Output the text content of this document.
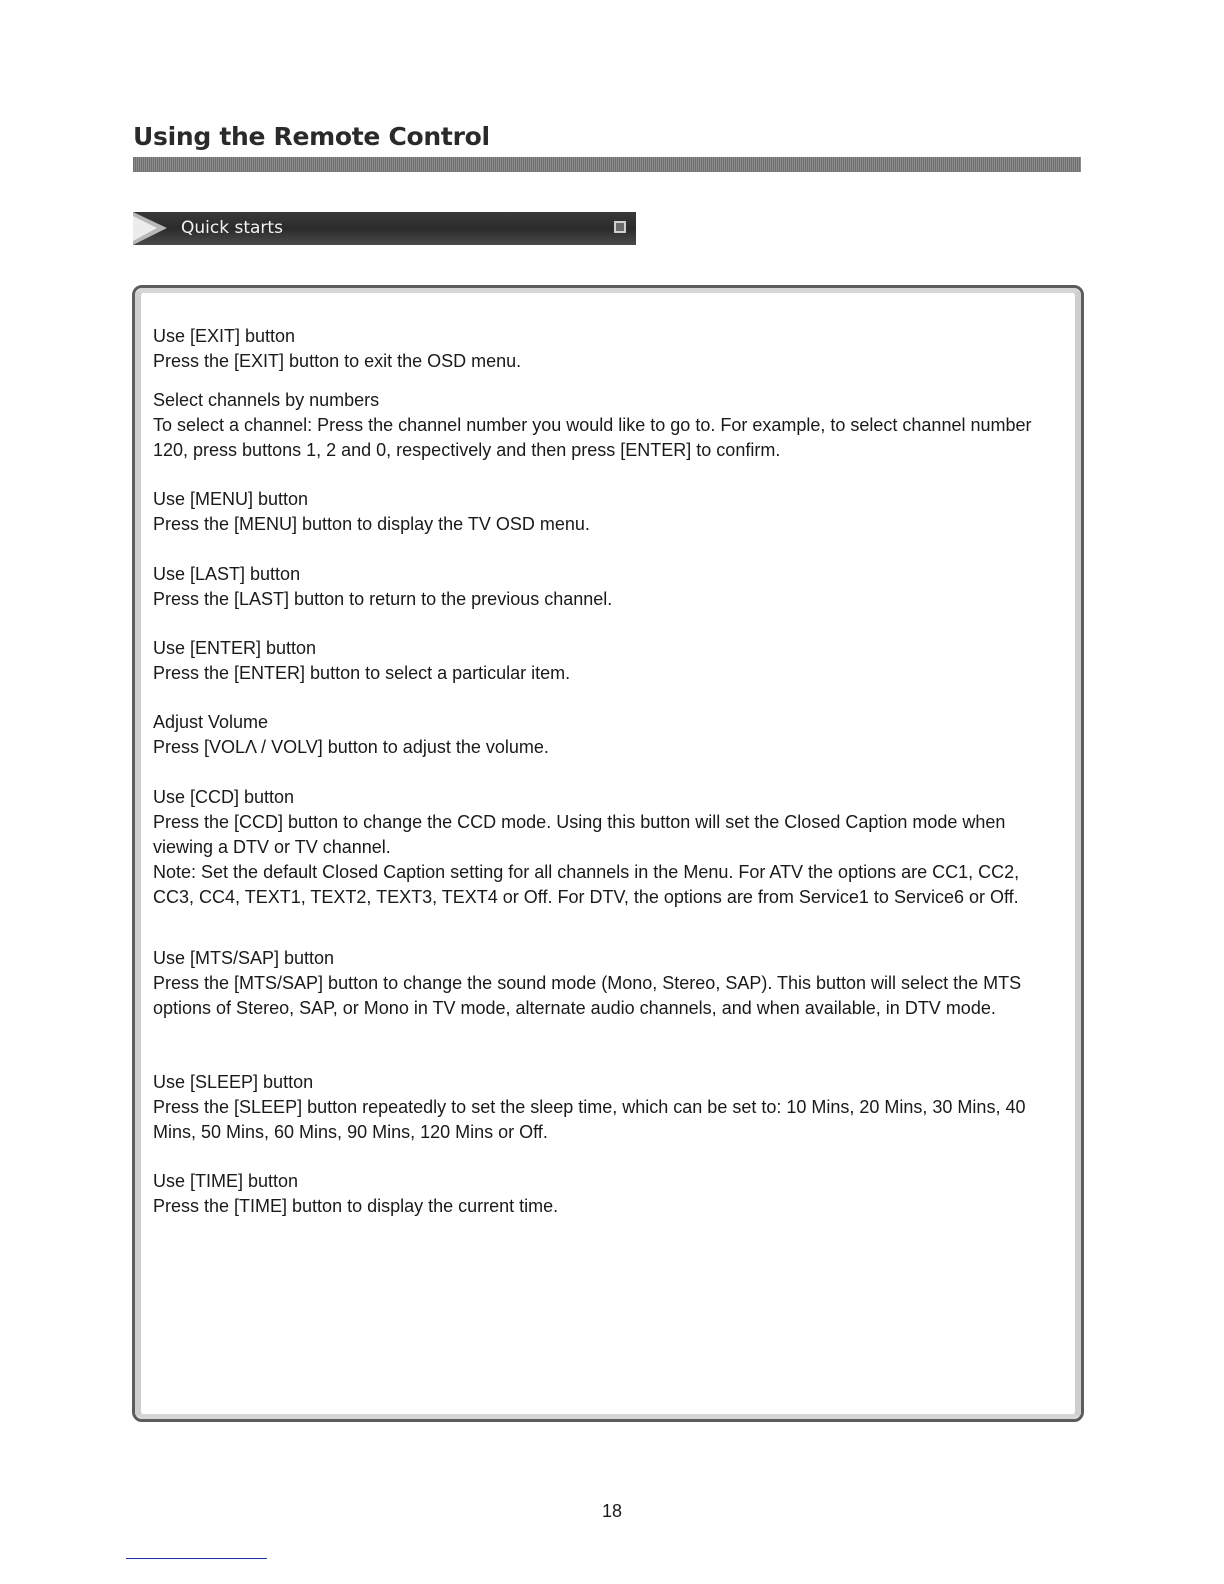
Using the Remote Control
Quick starts

Use [EXIT] button

Press the [EXIT] button to exit the OSD menu.

Select channels by numbers

To select a channel: Press the channel number you would like to go to. For example, to select channel number

120, press buttons 1, 2 and 0, respectively and then press [ENTER] to confirm.

Use [MENU] button

Press the [MENU] button to display the TV OSD menu.

Use [LAST] button

Press the [LAST] button to return to the previous channel.

Use [ENTER] button

Press the [ENTER] button to select a particular item.

Adjust Volume

Press [VOLΛ / VOLV] button to adjust the volume.

Use [CCD] button

Press the [CCD] button to change the CCD mode. Using this button will set the Closed Caption mode when

viewing a DTV or TV channel.

Note: Set the default Closed Caption setting for all channels in the Menu. For ATV the options are CC1, CC2,

CC3, CC4, TEXT1, TEXT2, TEXT3, TEXT4 or Off. For DTV, the options are from Service1 to Service6 or Off.

Use [MTS/SAP] button

Press the [MTS/SAP] button to change the sound mode (Mono, Stereo, SAP). This button will select the MTS

options of Stereo, SAP, or Mono in TV mode, alternate audio channels, and when available, in DTV mode.

Use [SLEEP] button

Press the [SLEEP] button repeatedly to set the sleep time, which can be set to: 10 Mins, 20 Mins, 30 Mins, 40

Mins, 50 Mins, 60 Mins, 90 Mins, 120 Mins or Off.

Use [TIME] button

Press the [TIME] button to display the current time.

18
